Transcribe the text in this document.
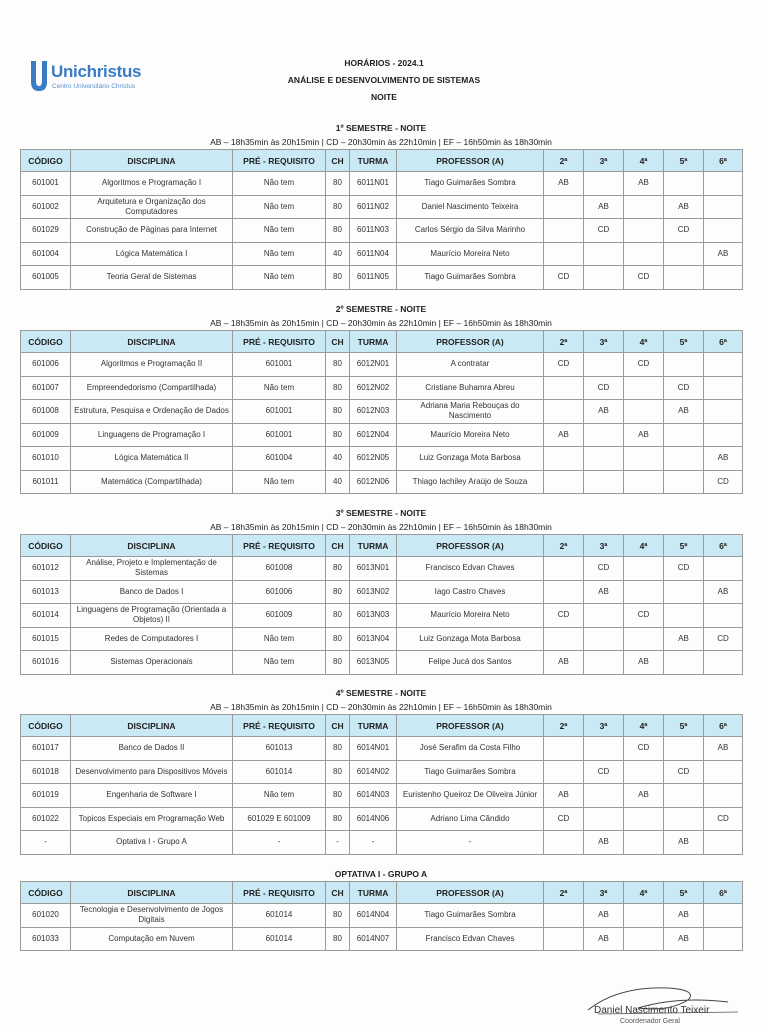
Unichristus
Centro Universitário Christus
HORÁRIOS - 2024.1
ANÁLISE E DESENVOLVIMENTO DE SISTEMAS
NOITE
1º SEMESTRE - NOITE
AB – 18h35min às 20h15min | CD – 20h30min às 22h10min | EF – 16h50min às 18h30min
CÓDIGO	DISCIPLINA	PRÉ - REQUISITO	CH	TURMA	PROFESSOR (A)	2ª	3ª	4ª	5ª	6ª
601001	Algoritmos e Programação I	Não tem	80	6011N01	Tiago Guimarães Sombra	AB		AB		
601002	Arquitetura e Organização dos Computadores	Não tem	80	6011N02	Daniel Nascimento Teixeira		AB		AB	
601029	Construção de Páginas para Internet	Não tem	80	6011N03	Carlos Sérgio da Silva Marinho		CD		CD	
601004	Lógica Matemática I	Não tem	40	6011N04	Maurício Moreira Neto					AB
601005	Teoria Geral de Sistemas	Não tem	80	6011N05	Tiago Guimarães Sombra	CD		CD		
2º SEMESTRE - NOITE
AB – 18h35min às 20h15min | CD – 20h30min às 22h10min | EF – 16h50min às 18h30min
CÓDIGO	DISCIPLINA	PRÉ - REQUISITO	CH	TURMA	PROFESSOR (A)	2ª	3ª	4ª	5ª	6ª
601006	Algoritmos e Programação II	601001	80	6012N01	A contratar	CD		CD		
601007	Empreendedorismo (Compartilhada)	Não tem	80	6012N02	Cristiane Buhamra Abreu		CD		CD	
601008	Estrutura, Pesquisa e Ordenação de Dados	601001	80	6012N03	Adriana Maria Rebouças do Nascimento		AB		AB	
601009	Linguagens de Programação I	601001	80	6012N04	Maurício Moreira Neto	AB		AB		
601010	Lógica Matemática II	601004	40	6012N05	Luiz Gonzaga Mota Barbosa					AB
601011	Matemática (Compartilhada)	Não tem	40	6012N06	Thiago Iachiley Araújo de Souza					CD
3º SEMESTRE - NOITE
AB – 18h35min às 20h15min | CD – 20h30min às 22h10min | EF – 16h50min às 18h30min
CÓDIGO	DISCIPLINA	PRÉ - REQUISITO	CH	TURMA	PROFESSOR (A)	2ª	3ª	4ª	5ª	6ª
601012	Análise, Projeto e Implementação de Sistemas	601008	80	6013N01	Francisco Edvan Chaves		CD		CD	
601013	Banco de Dados I	601006	80	6013N02	Iago Castro Chaves		AB			AB
601014	Linguagens de Programação (Orientada a Objetos) II	601009	80	6013N03	Maurício Moreira Neto	CD		CD		
601015	Redes de Computadores I	Não tem	80	6013N04	Luiz Gonzaga Mota Barbosa				AB	CD
601016	Sistemas Operacionais	Não tem	80	6013N05	Felipe Jucá dos Santos	AB		AB		
4º SEMESTRE - NOITE
AB – 18h35min às 20h15min | CD – 20h30min às 22h10min | EF – 16h50min às 18h30min
CÓDIGO	DISCIPLINA	PRÉ - REQUISITO	CH	TURMA	PROFESSOR (A)	2ª	3ª	4ª	5ª	6ª
601017	Banco de Dados II	601013	80	6014N01	José Serafim da Costa Filho			CD		AB
601018	Desenvolvimento para Dispositivos Móveis	601014	80	6014N02	Tiago Guimarães Sombra		CD		CD	
601019	Engenharia de Software I	Não tem	80	6014N03	Euristenho Queiroz De Oliveira Júnior	AB		AB		
601022	Topicos Especiais em Programação Web	601029 E 601009	80	6014N06	Adriano Lima Cândido	CD				CD
-	Optativa I - Grupo A	-	-	-	-		AB		AB	
OPTATIVA I - GRUPO A
CÓDIGO	DISCIPLINA	PRÉ - REQUISITO	CH	TURMA	PROFESSOR (A)	2ª	3ª	4ª	5ª	6ª
601020	Tecnologia e Desenvolvimento de Jogos Digitais	601014	80	6014N04	Tiago Guimarães Sombra		AB		AB	
601033	Computação em Nuvem	601014	80	6014N07	Francisco Edvan Chaves		AB		AB	
Daniel Nascimento Teixeir
Coordenador Geral
